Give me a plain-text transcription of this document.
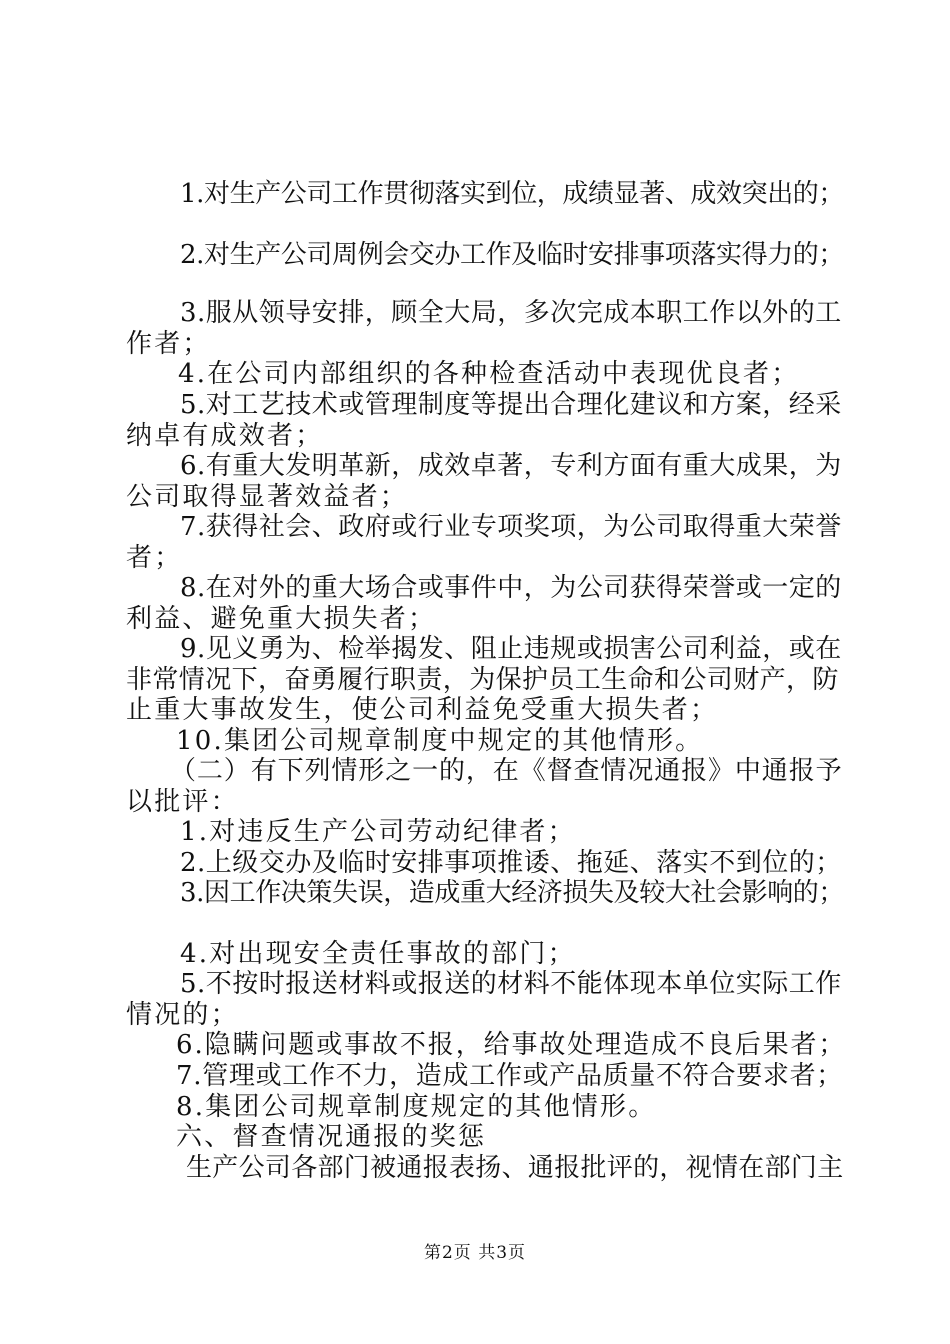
1.对生产公司工作贯彻落实到位，成绩显著、成效突出的；
2.对生产公司周例会交办工作及临时安排事项落实得力的；
3.服从领导安排，顾全大局，多次完成本职工作以外的工
作者；
4.在公司内部组织的各种检查活动中表现优良者；
5.对工艺技术或管理制度等提出合理化建议和方案，经采
纳卓有成效者；
6.有重大发明革新，成效卓著，专利方面有重大成果，为
公司取得显著效益者；
7.获得社会、政府或行业专项奖项，为公司取得重大荣誉
者；
8.在对外的重大场合或事件中，为公司获得荣誉或一定的
利益、避免重大损失者；
9.见义勇为、检举揭发、阻止违规或损害公司利益，或在
非常情况下，奋勇履行职责，为保护员工生命和公司财产，防
止重大事故发生，使公司利益免受重大损失者；
10.集团公司规章制度中规定的其他情形。
（二）有下列情形之一的，在《督查情况通报》中通报予
以批评：
1.对违反生产公司劳动纪律者；
2.上级交办及临时安排事项推诿、拖延、落实不到位的；
3.因工作决策失误，造成重大经济损失及较大社会影响的；
4.对出现安全责任事故的部门；
5.不按时报送材料或报送的材料不能体现本单位实际工作
情况的；
6.隐瞒问题或事故不报，给事故处理造成不良后果者；
7.管理或工作不力，造成工作或产品质量不符合要求者；
8.集团公司规章制度规定的其他情形。
六、督查情况通报的奖惩
生产公司各部门被通报表扬、通报批评的，视情在部门主
第2页 共3页
